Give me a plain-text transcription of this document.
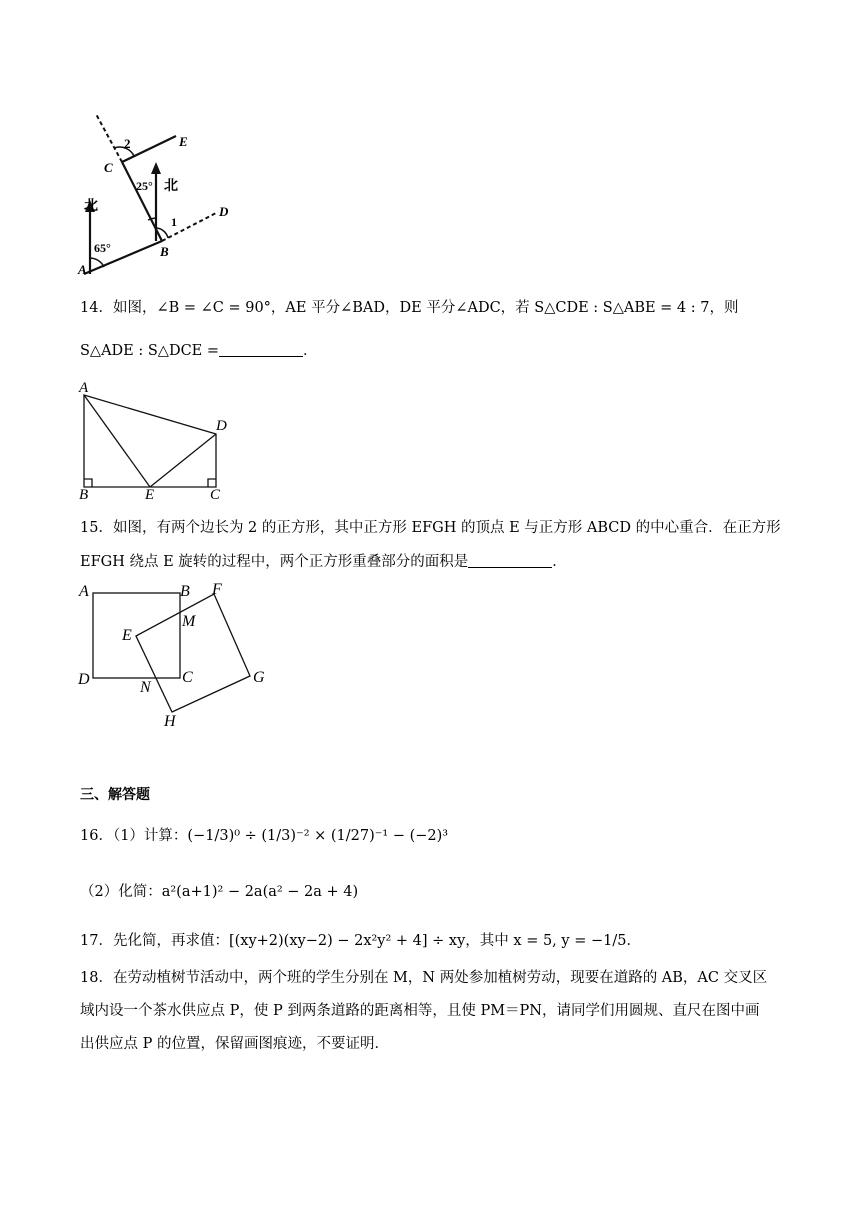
北
北
65°
25°
1
2
A
B
C
D
E
14．如图，∠B = ∠C = 90°，AE 平分∠BAD，DE 平分∠ADC，若 S△CDE : S△ABE = 4 : 7，则
S△ADE : S△DCE =	．
A
B	E	C
D
15．如图，有两个边长为 2 的正方形，其中正方形 EFGH 的顶点 E 与正方形 ABCD 的中心重合．在正方形
EFGH 绕点 E 旋转的过程中，两个正方形重叠部分的面积是	．
A	B F
M
E
D	C	G
N
H
三、解答题
16．（1）计算：(−1/3)⁰ ÷ (1/3)⁻² × (1/27)⁻¹ − (−2)³
（2）化简：a²(a+1)² − 2a(a² − 2a + 4)
17．先化简，再求值：[(xy+2)(xy−2) − 2x²y² + 4] ÷ xy，其中 x = 5, y = −1/5．
18．在劳动植树节活动中，两个班的学生分别在 M，N 两处参加植树劳动，现要在道路的 AB，AC 交叉区
域内设一个茶水供应点 P，使 P 到两条道路的距离相等，且使 PM＝PN，请同学们用圆规、直尺在图中画
出供应点 P 的位置，保留画图痕迹，不要证明．
